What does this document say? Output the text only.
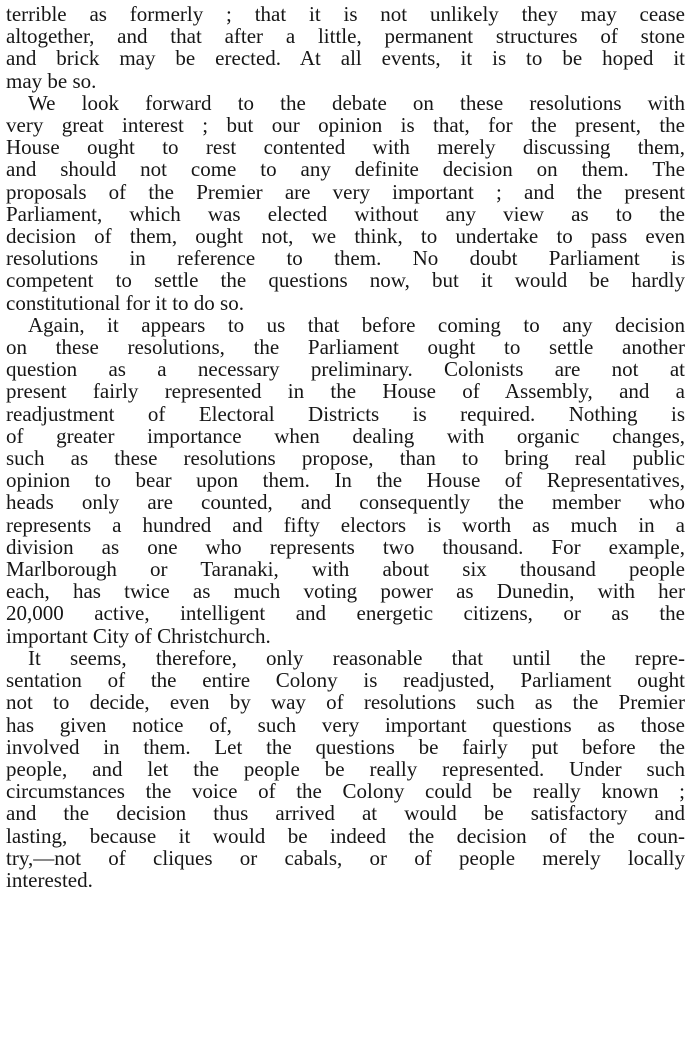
terrible as formerly ; that it is not unlikely they may cease
altogether, and that after a little, permanent structures of stone
and brick may be erected. At all events, it is to be hoped it
may be so.
We look forward to the debate on these resolutions with
very great interest ; but our opinion is that, for the present, the
House ought to rest contented with merely discussing them,
and should not come to any definite decision on them. The
proposals of the Premier are very important ; and the present
Parliament, which was elected without any view as to the
decision of them, ought not, we think, to undertake to pass even
resolutions in reference to them. No doubt Parliament is
competent to settle the questions now, but it would be hardly
constitutional for it to do so.
Again, it appears to us that before coming to any decision
on these resolutions, the Parliament ought to settle another
question as a necessary preliminary. Colonists are not at
present fairly represented in the House of Assembly, and a
readjustment of Electoral Districts is required. Nothing is
of greater importance when dealing with organic changes,
such as these resolutions propose, than to bring real public
opinion to bear upon them. In the House of Representatives,
heads only are counted, and consequently the member who
represents a hundred and fifty electors is worth as much in a
division as one who represents two thousand. For example,
Marlborough or Taranaki, with about six thousand people
each, has twice as much voting power as Dunedin, with her
20,000 active, intelligent and energetic citizens, or as the
important City of Christchurch.
It seems, therefore, only reasonable that until the repre-
sentation of the entire Colony is readjusted, Parliament ought
not to decide, even by way of resolutions such as the Premier
has given notice of, such very important questions as those
involved in them. Let the questions be fairly put before the
people, and let the people be really represented. Under such
circumstances the voice of the Colony could be really known ;
and the decision thus arrived at would be satisfactory and
lasting, because it would be indeed the decision of the coun-
try,—not of cliques or cabals, or of people merely locally
interested.
